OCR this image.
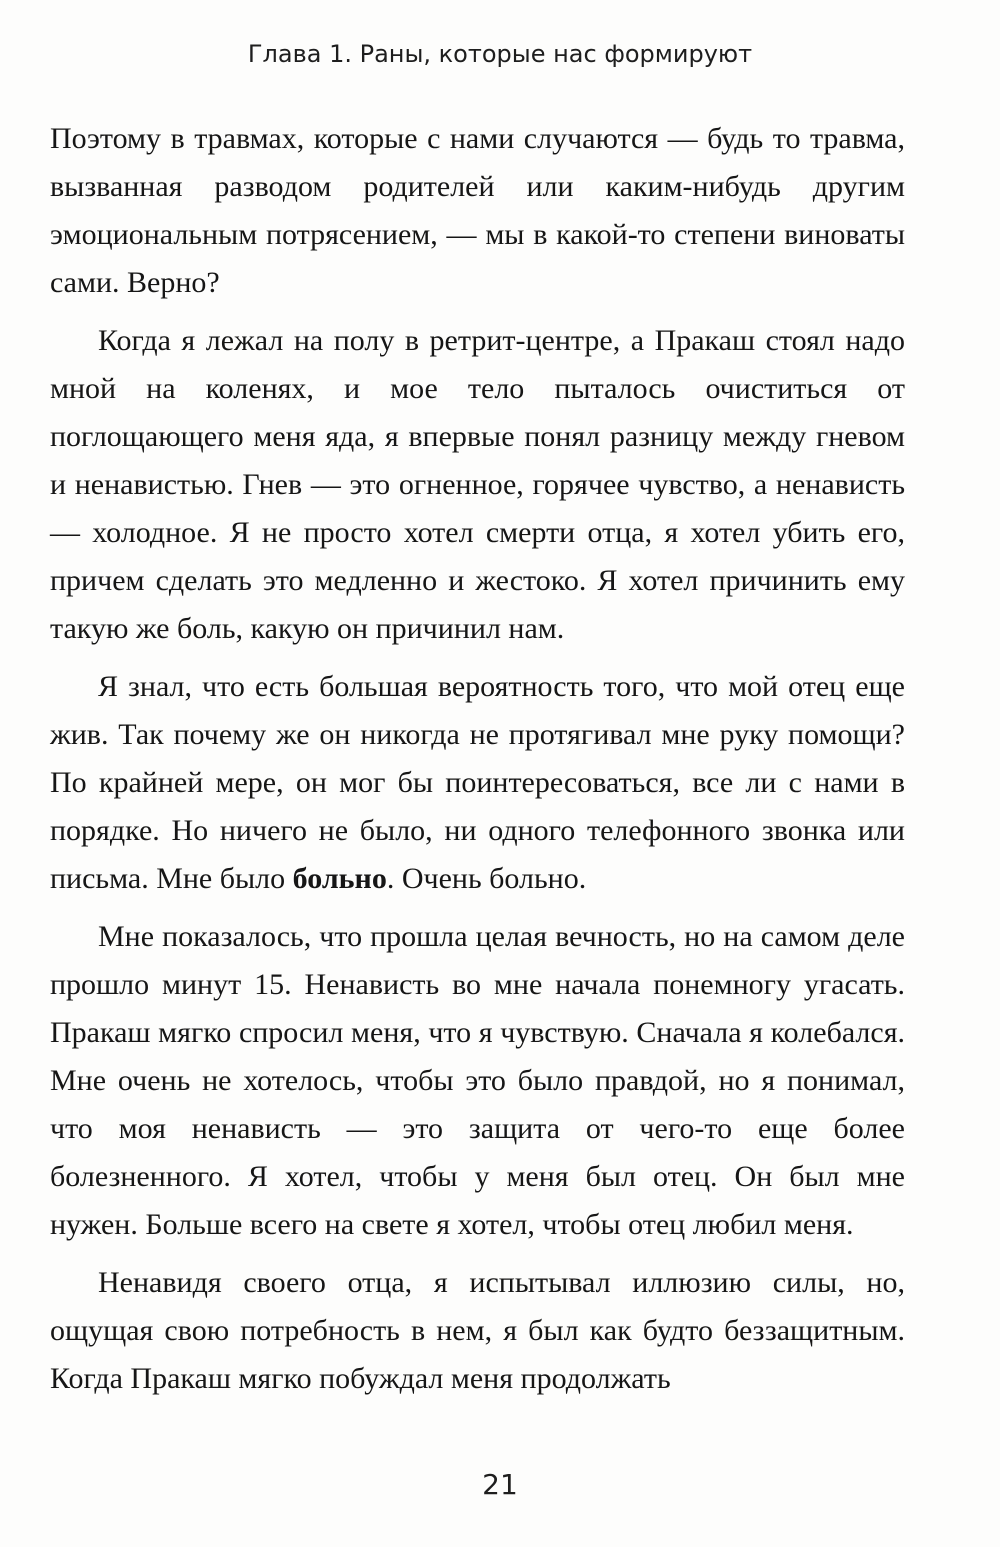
Глава 1. Раны, которые нас формируют

Поэтому в травмах, которые с нами случаются — будь то травма, вызванная разводом родителей или каким-нибудь другим эмоциональным потрясением, — мы в какой-то степени виноваты сами. Верно?

Когда я лежал на полу в ретрит-центре, а Пракаш стоял надо мной на коленях, и мое тело пыталось очиститься от поглощающего меня яда, я впервые понял разницу между гневом и ненавистью. Гнев — это огненное, горячее чувство, а ненависть — холодное. Я не просто хотел смерти отца, я хотел убить его, причем сделать это медленно и жестоко. Я хотел причинить ему такую же боль, какую он причинил нам.

Я знал, что есть большая вероятность того, что мой отец еще жив. Так почему же он никогда не протягивал мне руку помощи? По крайней мере, он мог бы поинтересоваться, все ли с нами в порядке. Но ничего не было, ни одного телефонного звонка или письма. Мне было больно. Очень больно.

Мне показалось, что прошла целая вечность, но на самом деле прошло минут 15. Ненависть во мне начала понемногу угасать. Пракаш мягко спросил меня, что я чувствую. Сначала я колебался. Мне очень не хотелось, чтобы это было правдой, но я понимал, что моя ненависть — это защита от чего-то еще более болезненного. Я хотел, чтобы у меня был отец. Он был мне нужен. Больше всего на свете я хотел, чтобы отец любил меня.

Ненавидя своего отца, я испытывал иллюзию силы, но, ощущая свою потребность в нем, я был как будто беззащитным. Когда Пракаш мягко побуждал меня продолжать

21
